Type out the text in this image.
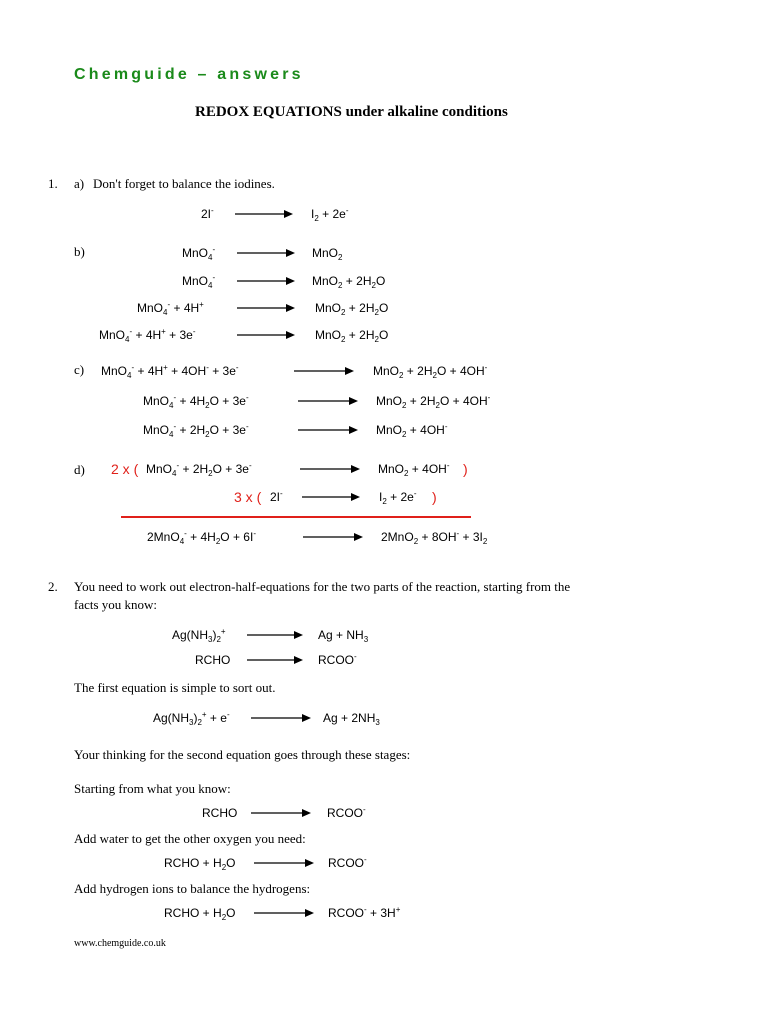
Chemguide – answers
REDOX EQUATIONS under alkaline conditions
1. a) Don't forget to balance the iodines.
2I-	$I_2 + 2e^-$
b)	MnO$_4$-	MnO$_2$
MnO$_4$-	$MnO_2 + 2H_2O$
MnO$_4$- + 4H+	$MnO_2 + 2H_2O$
MnO$_4$- + 4H+ + 3e-	$MnO_2 + 2H_2O$
c) MnO$_4$- + 4H+ + 4OH- + 3e-	$MnO_2 + 2H_2O + 4OH^-$
$MnO_4^- + 4H_2O + 3e^-$	$MnO_2 + 2H_2O + 4OH^-$
$MnO_4^- + 2H_2O + 3e^-$	MnO$_2$ + 4OH-
d) 2 x ( $MnO_4^- + 2H_2O + 3e^-$	MnO$_2$ + 4OH- )
3 x ( 2I-	$I_2 + 2e^-$ )
$2MnO_4^- + 4H_2O + 6I^-$	$2MnO_2 + 8OH^- + 3I_2$
2. You need to work out electron-half-equations for the two parts of the reaction, starting from the
facts you know:
$Ag(NH_3)_2^+$	$Ag + NH_3$
RCHO	RCOO-
The first equation is simple to sort out.
$Ag(NH_3)_2^+ + e^-$	$Ag + 2NH_3$
Your thinking for the second equation goes through these stages:
Starting from what you know:
RCHO	RCOO-
Add water to get the other oxygen you need:
RCHO + $H_2O$	RCOO-
Add hydrogen ions to balance the hydrogens:
RCHO + $H_2O$	RCOO- + 3H+
www.chemguide.co.uk
